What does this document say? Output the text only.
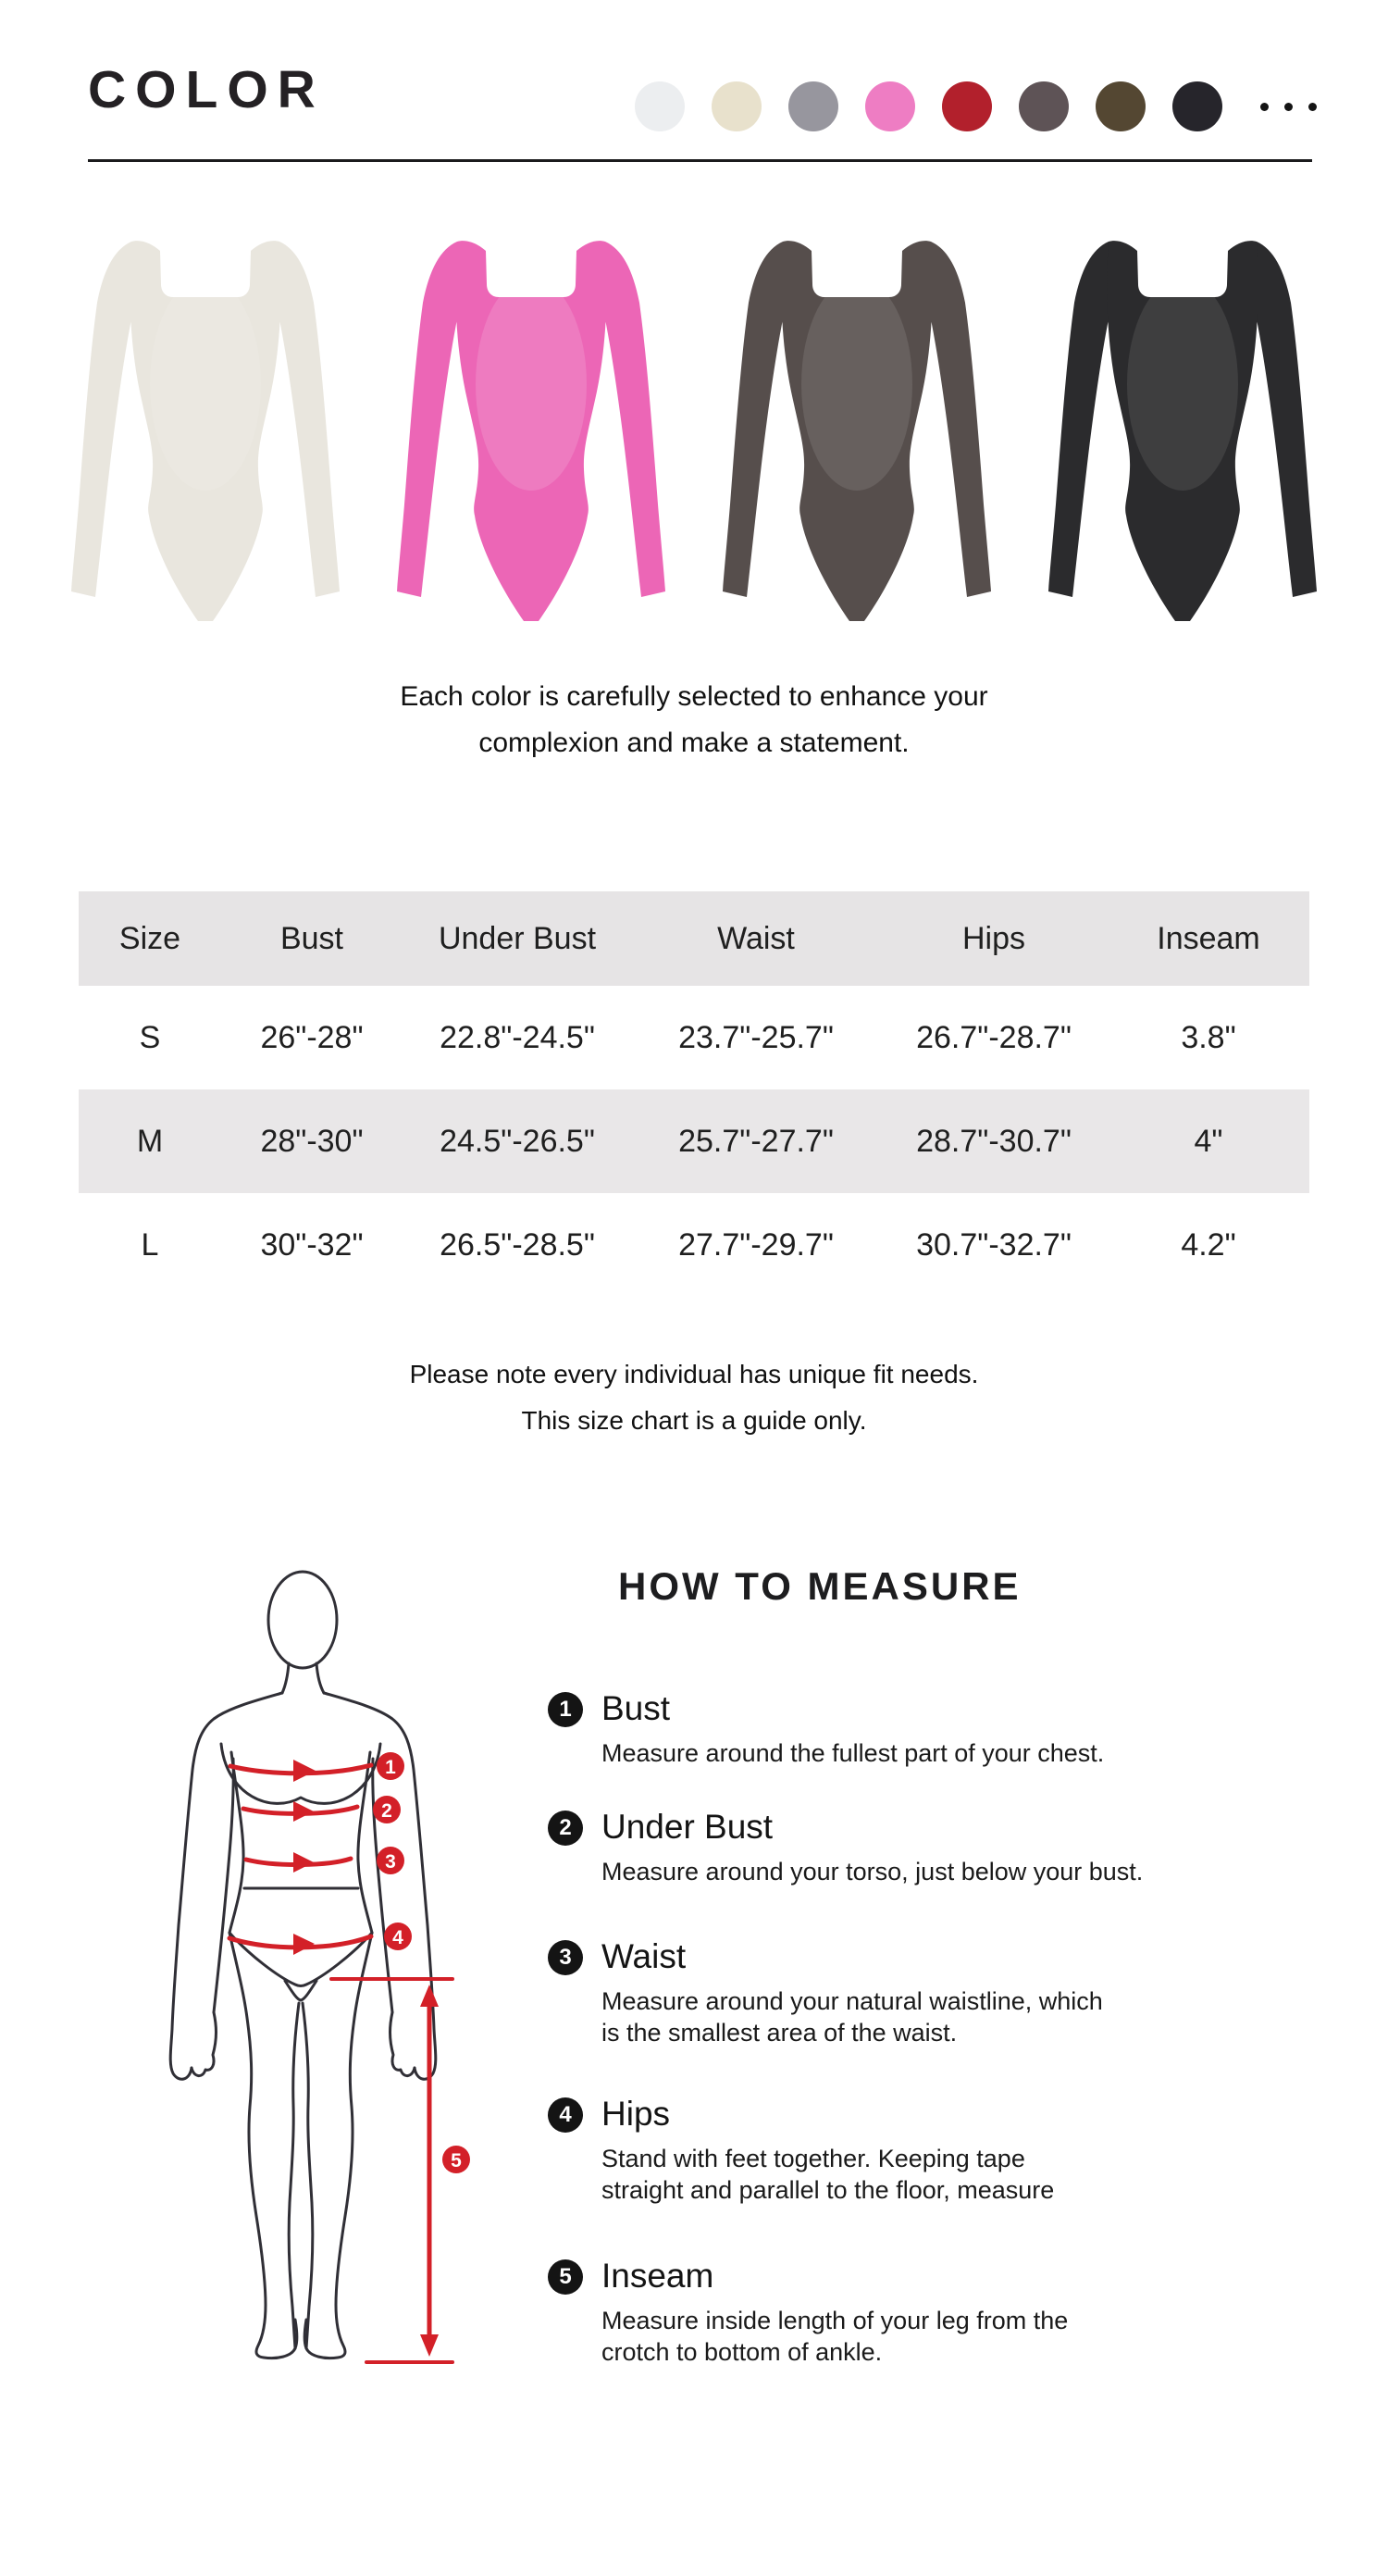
COLOR
Each color is carefully selected to enhance your
complexion and make a statement.
Size	Bust	Under Bust	Waist	Hips	Inseam
S	26"-28"	22.8"-24.5"	23.7"-25.7"	26.7"-28.7"	3.8"
M	28"-30"	24.5"-26.5"	25.7"-27.7"	28.7"-30.7"	4"
L	30"-32"	26.5"-28.5"	27.7"-29.7"	30.7"-32.7"	4.2"
Please note every individual has unique fit needs.
This size chart is a guide only.
HOW TO MEASURE
1
2
3
4
5
1 Bust
Measure around the fullest part of your chest.
2 Under Bust
Measure around your torso, just below your bust.
3 Waist
Measure around your natural waistline, which
is the smallest area of the waist.
4 Hips
Stand with feet together. Keeping tape
straight and parallel to the floor, measure
5 Inseam
Measure inside length of your leg from the
crotch to bottom of ankle.
